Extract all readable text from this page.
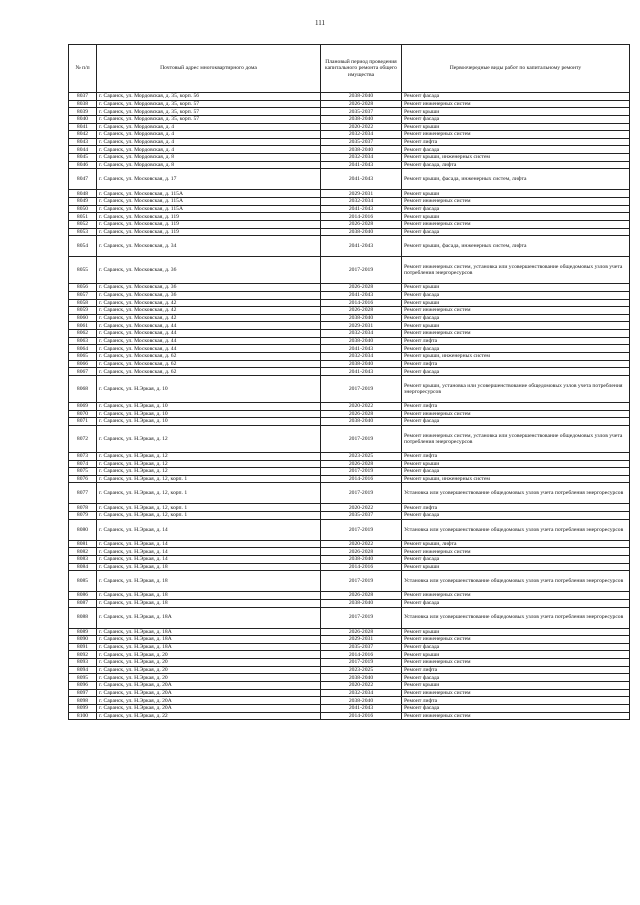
111
№ п/п	Почтовый адрес многоквартирного дома	Плановый период проведения капитального ремонта общего имущества	Первоочередные виды работ по капитальному ремонту
8037	г. Саранск, ул. Мордовская, д. 35, корп. 56	2038-2040	Ремонт фасада
8038	г. Саранск, ул. Мордовская, д. 35, корп. 57	2026-2028	Ремонт инженерных систем
8039	г. Саранск, ул. Мордовская, д. 35, корп. 57	2035-2037	Ремонт крыши
8040	г. Саранск, ул. Мордовская, д. 35, корп. 57	2038-2040	Ремонт фасада
8041	г. Саранск, ул. Мордовская, д. 4	2020-2022	Ремонт крыши
8042	г. Саранск, ул. Мордовская, д. 4	2032-2034	Ремонт инженерных систем
8043	г. Саранск, ул. Мордовская, д. 4	2035-2037	Ремонт лифта
8044	г. Саранск, ул. Мордовская, д. 4	2038-2040	Ремонт фасада
8045	г. Саранск, ул. Мордовская, д. 8	2032-2034	Ремонт крыши, инженерных систем
8046	г. Саранск, ул. Мордовская, д. 8	2041-2043	Ремонт фасада, лифта
8047	г. Саранск, ул. Московская, д. 17	2041-2043	Ремонт крыши, фасада, инженерных систем, лифта
8048	г. Саранск, ул. Московская, д. 115А	2029-2031	Ремонт крыши
8049	г. Саранск, ул. Московская, д. 115А	2032-2034	Ремонт инженерных систем
8050	г. Саранск, ул. Московская, д. 115А	2041-2043	Ремонт фасада
8051	г. Саранск, ул. Московская, д. 119	2014-2016	Ремонт крыши
8052	г. Саранск, ул. Московская, д. 119	2026-2028	Ремонт инженерных систем
8053	г. Саранск, ул. Московская, д. 119	2038-2040	Ремонт фасада
8054	г. Саранск, ул. Московская, д. 34	2041-2043	Ремонт крыши, фасада, инженерных систем, лифта
8055	г. Саранск, ул. Московская, д. 36	2017-2019	Ремонт инженерных систем, установка или усовершенствование общедомовых узлов учета потребления энергоресурсов
8056	г. Саранск, ул. Московская, д. 36	2026-2028	Ремонт крыши
8057	г. Саранск, ул. Московская, д. 36	2041-2043	Ремонт фасада
8058	г. Саранск, ул. Московская, д. 42	2014-2016	Ремонт крыши
8059	г. Саранск, ул. Московская, д. 42	2026-2028	Ремонт инженерных систем
8060	г. Саранск, ул. Московская, д. 42	2038-2040	Ремонт фасада
8061	г. Саранск, ул. Московская, д. 44	2029-2031	Ремонт крыши
8062	г. Саранск, ул. Московская, д. 44	2032-2034	Ремонт инженерных систем
8063	г. Саранск, ул. Московская, д. 44	2038-2040	Ремонт лифта
8064	г. Саранск, ул. Московская, д. 44	2041-2043	Ремонт фасада
8065	г. Саранск, ул. Московская, д. 62	2032-2034	Ремонт крыши, инженерных систем
8066	г. Саранск, ул. Московская, д. 62	2038-2040	Ремонт лифта
8067	г. Саранск, ул. Московская, д. 62	2041-2043	Ремонт фасада
8068	г. Саранск, ул. Н.Эркая, д. 10	2017-2019	Ремонт крыши, установка или усовершенствование общедомовых узлов учета потребления энергоресурсов
8069	г. Саранск, ул. Н.Эркая, д. 10	2020-2022	Ремонт лифта
8070	г. Саранск, ул. Н.Эркая, д. 10	2026-2028	Ремонт инженерных систем
8071	г. Саранск, ул. Н.Эркая, д. 10	2038-2040	Ремонт фасада
8072	г. Саранск, ул. Н.Эркая, д. 12	2017-2019	Ремонт инженерных систем, установка или усовершенствование общедомовых узлов учета потребления энергоресурсов
8073	г. Саранск, ул. Н.Эркая, д. 12	2023-2025	Ремонт лифта
8074	г. Саранск, ул. Н.Эркая, д. 12	2026-2028	Ремонт крыши
8075	г. Саранск, ул. Н.Эркая, д. 12	2017-2019	Ремонт фасада
8076	г. Саранск, ул. Н.Эркая, д. 12, корп. 1	2014-2016	Ремонт крыши, инженерных систем
8077	г. Саранск, ул. Н.Эркая, д. 12, корп. 1	2017-2019	Установка или усовершенствование общедомовых узлов учета потребления энергоресурсов
8078	г. Саранск, ул. Н.Эркая, д. 12, корп. 1	2020-2022	Ремонт лифта
8079	г. Саранск, ул. Н.Эркая, д. 12, корп. 1	2035-2037	Ремонт фасада
8080	г. Саранск, ул. Н.Эркая, д. 14	2017-2019	Установка или усовершенствование общедомовых узлов учета потребления энергоресурсов
8081	г. Саранск, ул. Н.Эркая, д. 14	2020-2022	Ремонт крыши, лифта
8082	г. Саранск, ул. Н.Эркая, д. 14	2026-2028	Ремонт инженерных систем
8083	г. Саранск, ул. Н.Эркая, д. 14	2038-2040	Ремонт фасада
8084	г. Саранск, ул. Н.Эркая, д. 18	2014-2016	Ремонт крыши
8085	г. Саранск, ул. Н.Эркая, д. 18	2017-2019	Установка или усовершенствование общедомовых узлов учета потребления энергоресурсов
8086	г. Саранск, ул. Н.Эркая, д. 18	2026-2028	Ремонт инженерных систем
8087	г. Саранск, ул. Н.Эркая, д. 18	2038-2040	Ремонт фасада
8088	г. Саранск, ул. Н.Эркая, д. 18А	2017-2019	Установка или усовершенствование общедомовых узлов учета потребления энергоресурсов
8089	г. Саранск, ул. Н.Эркая, д. 18А	2026-2028	Ремонт крыши
8090	г. Саранск, ул. Н.Эркая, д. 18А	2029-2031	Ремонт инженерных систем
8091	г. Саранск, ул. Н.Эркая, д. 18А	2035-2037	Ремонт фасада
8092	г. Саранск, ул. Н.Эркая, д. 20	2014-2016	Ремонт крыши
8093	г. Саранск, ул. Н.Эркая, д. 20	2017-2019	Ремонт инженерных систем
8094	г. Саранск, ул. Н.Эркая, д. 20	2023-2025	Ремонт лифта
8095	г. Саранск, ул. Н.Эркая, д. 20	2038-2040	Ремонт фасада
8096	г. Саранск, ул. Н.Эркая, д. 20А	2020-2022	Ремонт крыши
8097	г. Саранск, ул. Н.Эркая, д. 20А	2032-2034	Ремонт инженерных систем
8098	г. Саранск, ул. Н.Эркая, д. 20А	2038-2040	Ремонт лифта
8099	г. Саранск, ул. Н.Эркая, д. 20А	2041-2043	Ремонт фасада
8100	г. Саранск, ул. Н.Эркая, д. 22	2014-2016	Ремонт инженерных систем
